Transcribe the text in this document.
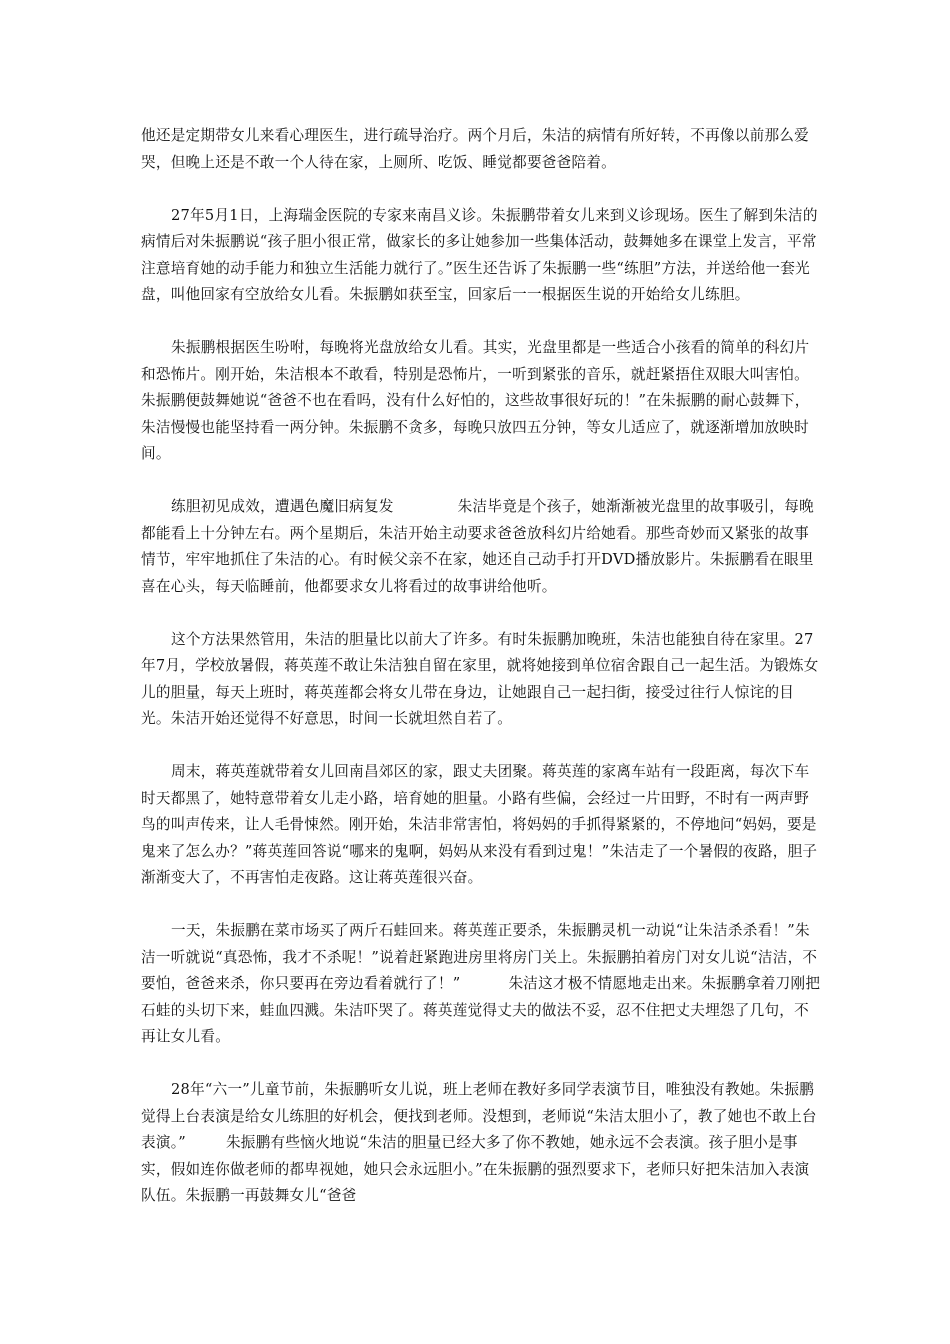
他还是定期带女儿来看心理医生，进行疏导治疗。两个月后，朱洁的病情有所好转，不再像以前那么爱哭，但晚上还是不敢一个人待在家，上厕所、吃饭、睡觉都要爸爸陪着。

27年5月1日，上海瑞金医院的专家来南昌义诊。朱振鹏带着女儿来到义诊现场。医生了解到朱洁的病情后对朱振鹏说“孩子胆小很正常，做家长的多让她参加一些集体活动，鼓舞她多在课堂上发言，平常注意培育她的动手能力和独立生活能力就行了。”医生还告诉了朱振鹏一些“练胆”方法，并送给他一套光盘，叫他回家有空放给女儿看。朱振鹏如获至宝，回家后一一根据医生说的开始给女儿练胆。

朱振鹏根据医生吩咐，每晚将光盘放给女儿看。其实，光盘里都是一些适合小孩看的简单的科幻片和恐怖片。刚开始，朱洁根本不敢看，特别是恐怖片，一听到紧张的音乐，就赶紧捂住双眼大叫害怕。朱振鹏便鼓舞她说“爸爸不也在看吗，没有什么好怕的，这些故事很好玩的！”在朱振鹏的耐心鼓舞下，朱洁慢慢也能坚持看一两分钟。朱振鹏不贪多，每晚只放四五分钟，等女儿适应了，就逐渐增加放映时间。

练胆初见成效，遭遇色魔旧病复发	朱洁毕竟是个孩子，她渐渐被光盘里的故事吸引，每晚都能看上十分钟左右。两个星期后，朱洁开始主动要求爸爸放科幻片给她看。那些奇妙而又紧张的故事情节，牢牢地抓住了朱洁的心。有时候父亲不在家，她还自己动手打开DVD播放影片。朱振鹏看在眼里喜在心头，每天临睡前，他都要求女儿将看过的故事讲给他听。

这个方法果然管用，朱洁的胆量比以前大了许多。有时朱振鹏加晚班，朱洁也能独自待在家里。27年7月，学校放暑假，蒋英莲不敢让朱洁独自留在家里，就将她接到单位宿舍跟自己一起生活。为锻炼女儿的胆量，每天上班时，蒋英莲都会将女儿带在身边，让她跟自己一起扫街，接受过往行人惊诧的目光。朱洁开始还觉得不好意思，时间一长就坦然自若了。

周末，蒋英莲就带着女儿回南昌郊区的家，跟丈夫团聚。蒋英莲的家离车站有一段距离，每次下车时天都黑了，她特意带着女儿走小路，培育她的胆量。小路有些偏，会经过一片田野，不时有一两声野鸟的叫声传来，让人毛骨悚然。刚开始，朱洁非常害怕，将妈妈的手抓得紧紧的，不停地问“妈妈，要是鬼来了怎么办？”蒋英莲回答说“哪来的鬼啊，妈妈从来没有看到过鬼！”朱洁走了一个暑假的夜路，胆子渐渐变大了，不再害怕走夜路。这让蒋英莲很兴奋。

一天，朱振鹏在菜市场买了两斤石蛙回来。蒋英莲正要杀，朱振鹏灵机一动说“让朱洁杀杀看！”朱洁一听就说“真恐怖，我才不杀呢！”说着赶紧跑进房里将房门关上。朱振鹏拍着房门对女儿说“洁洁，不要怕，爸爸来杀，你只要再在旁边看着就行了！”	朱洁这才极不情愿地走出来。朱振鹏拿着刀刚把石蛙的头切下来，蛙血四溅。朱洁吓哭了。蒋英莲觉得丈夫的做法不妥，忍不住把丈夫埋怨了几句，不再让女儿看。

28年“六一”儿童节前，朱振鹏听女儿说，班上老师在教好多同学表演节目，唯独没有教她。朱振鹏觉得上台表演是给女儿练胆的好机会，便找到老师。没想到，老师说“朱洁太胆小了，教了她也不敢上台表演。”	朱振鹏有些恼火地说“朱洁的胆量已经大多了你不教她，她永远不会表演。孩子胆小是事实，假如连你做老师的都卑视她，她只会永远胆小。”在朱振鹏的强烈要求下，老师只好把朱洁加入表演队伍。朱振鹏一再鼓舞女儿“爸爸
